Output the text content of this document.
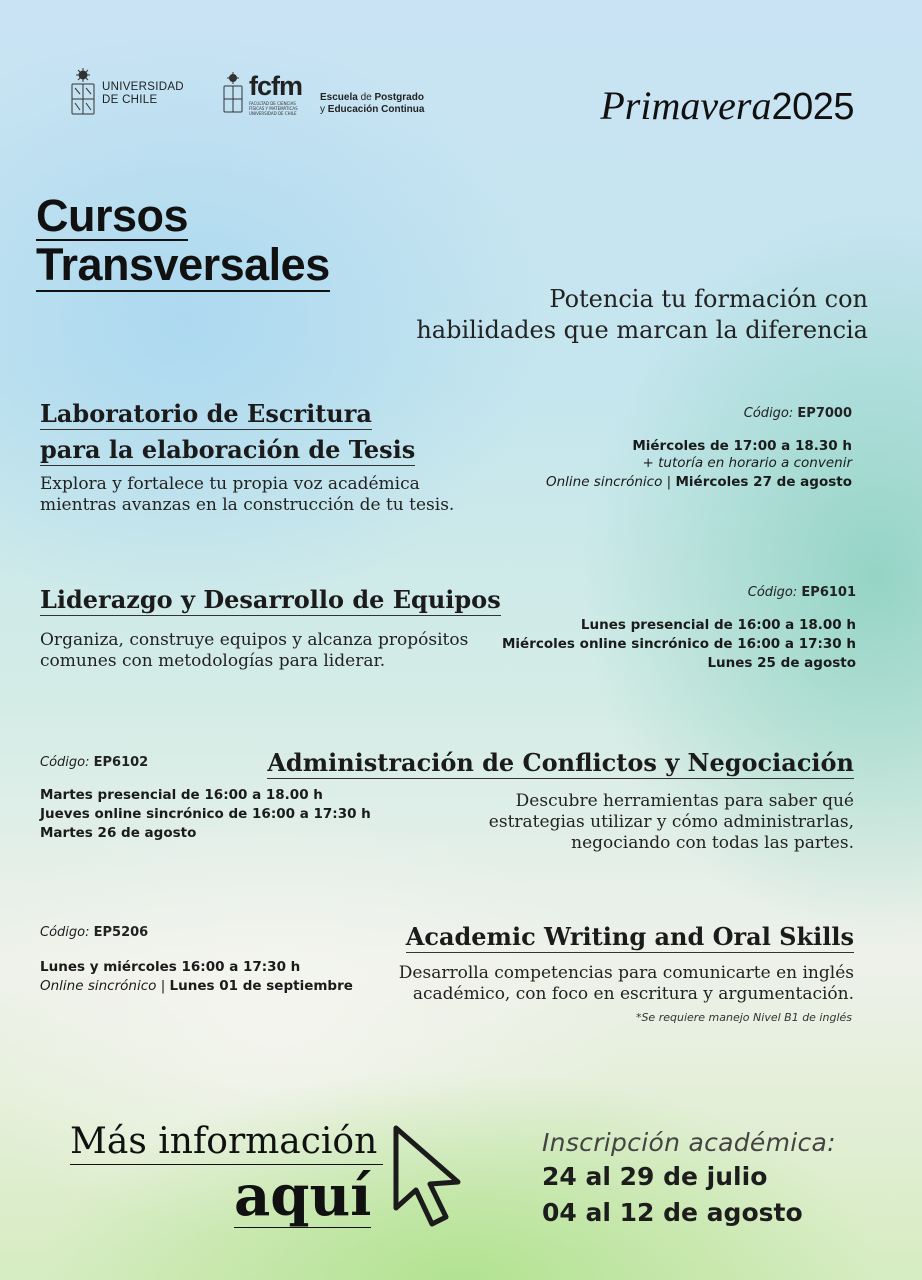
UNIVERSIDAD
DE CHILE	fcfm
FACULTAD DE CIENCIAS FÍSICAS Y MATEMÁTICAS UNIVERSIDAD DE CHILE
Escuela de Postgrado
y Educación Continua	Primavera2025
Cursos
Transversales
Potencia tu formación con
habilidades que marcan la diferencia
Laboratorio de Escritura
para la elaboración de Tesis
Explora y fortalece tu propia voz académica
mientras avanzas en la construcción de tu tesis.
Código: EP7000
Miércoles de 17:00 a 18.30 h
+ tutoría en horario a convenir
Online sincrónico | Miércoles 27 de agosto
Liderazgo y Desarrollo de Equipos
Organiza, construye equipos y alcanza propósitos
comunes con metodologías para liderar.
Código: EP6101
Lunes presencial de 16:00 a 18.00 h
Miércoles online sincrónico de 16:00 a 17:30 h
Lunes 25 de agosto
Código: EP6102
Martes presencial de 16:00 a 18.00 h
Jueves online sincrónico de 16:00 a 17:30 h
Martes 26 de agosto
Administración de Conflictos y Negociación
Descubre herramientas para saber qué
estrategias utilizar y cómo administrarlas,
negociando con todas las partes.
Código: EP5206
Lunes y miércoles 16:00 a 17:30 h
Online sincrónico | Lunes 01 de septiembre
Academic Writing and Oral Skills
Desarrolla competencias para comunicarte en inglés
académico, con foco en escritura y argumentación.
*Se requiere manejo Nivel B1 de inglés
Más información
aquí
Inscripción académica:
24 al 29 de julio
04 al 12 de agosto
